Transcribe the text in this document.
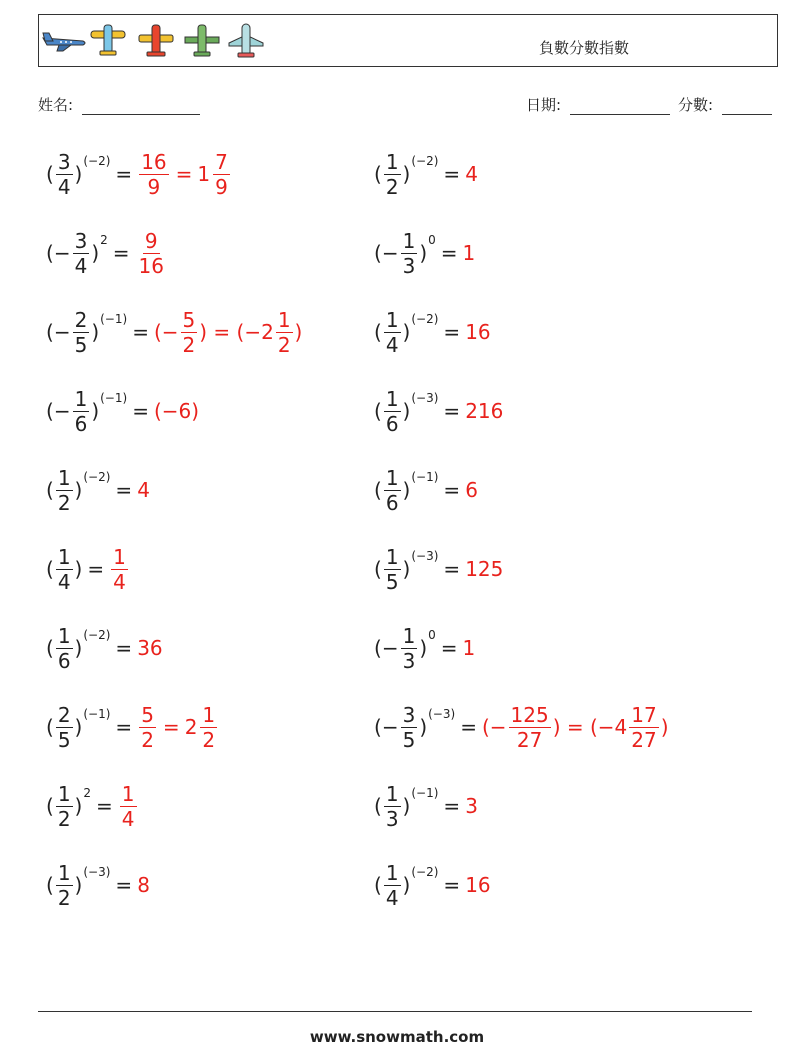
負數分數指數
姓名:	日期:	分數:
( $\frac{3}{4}$ )
(−2)
= $\frac{16}{9} = 1 \frac{7}{9}$	( $\frac{1}{2}$ )
(−2)
= 4
( − $\frac{3}{4}$ )
2
= $\frac{9}{16}$	( − $\frac{1}{3}$ )
0
= 1
( − $\frac{2}{5}$ )
(−1)
= (− $\frac{5}{2}$ ) = ($-2 \frac{1}{2}$ )	( $\frac{1}{4}$ )
(−2)
= 16
( − $\frac{1}{6}$ )
(−1)
= (−6)	( $\frac{1}{6}$ )
(−3)
= 216
( $\frac{1}{2}$ )
(−2)
= 4	( $\frac{1}{6}$ )
(−1)
= 6
( $\frac{1}{4}$ ) = $\frac{1}{4}$	( $\frac{1}{5}$ )
(−3)
= 125
( $\frac{1}{6}$ )
(−2)
= 36	( − $\frac{1}{3}$ )
0
= 1
( $\frac{2}{5}$ )
(−1)
= $\frac{5}{2} = 2 \frac{1}{2}$	( − $\frac{3}{5}$ )
(−3)
= (− $\frac{125}{27}$ ) = ($-4 \frac{17}{27}$ )
( $\frac{1}{2}$ )
2
= $\frac{1}{4}$	( $\frac{1}{3}$ )
(−1)
= 3
( $\frac{1}{2}$ )
(−3)
= 8	( $\frac{1}{4}$ )
(−2)
= 16
www.snowmath.com
